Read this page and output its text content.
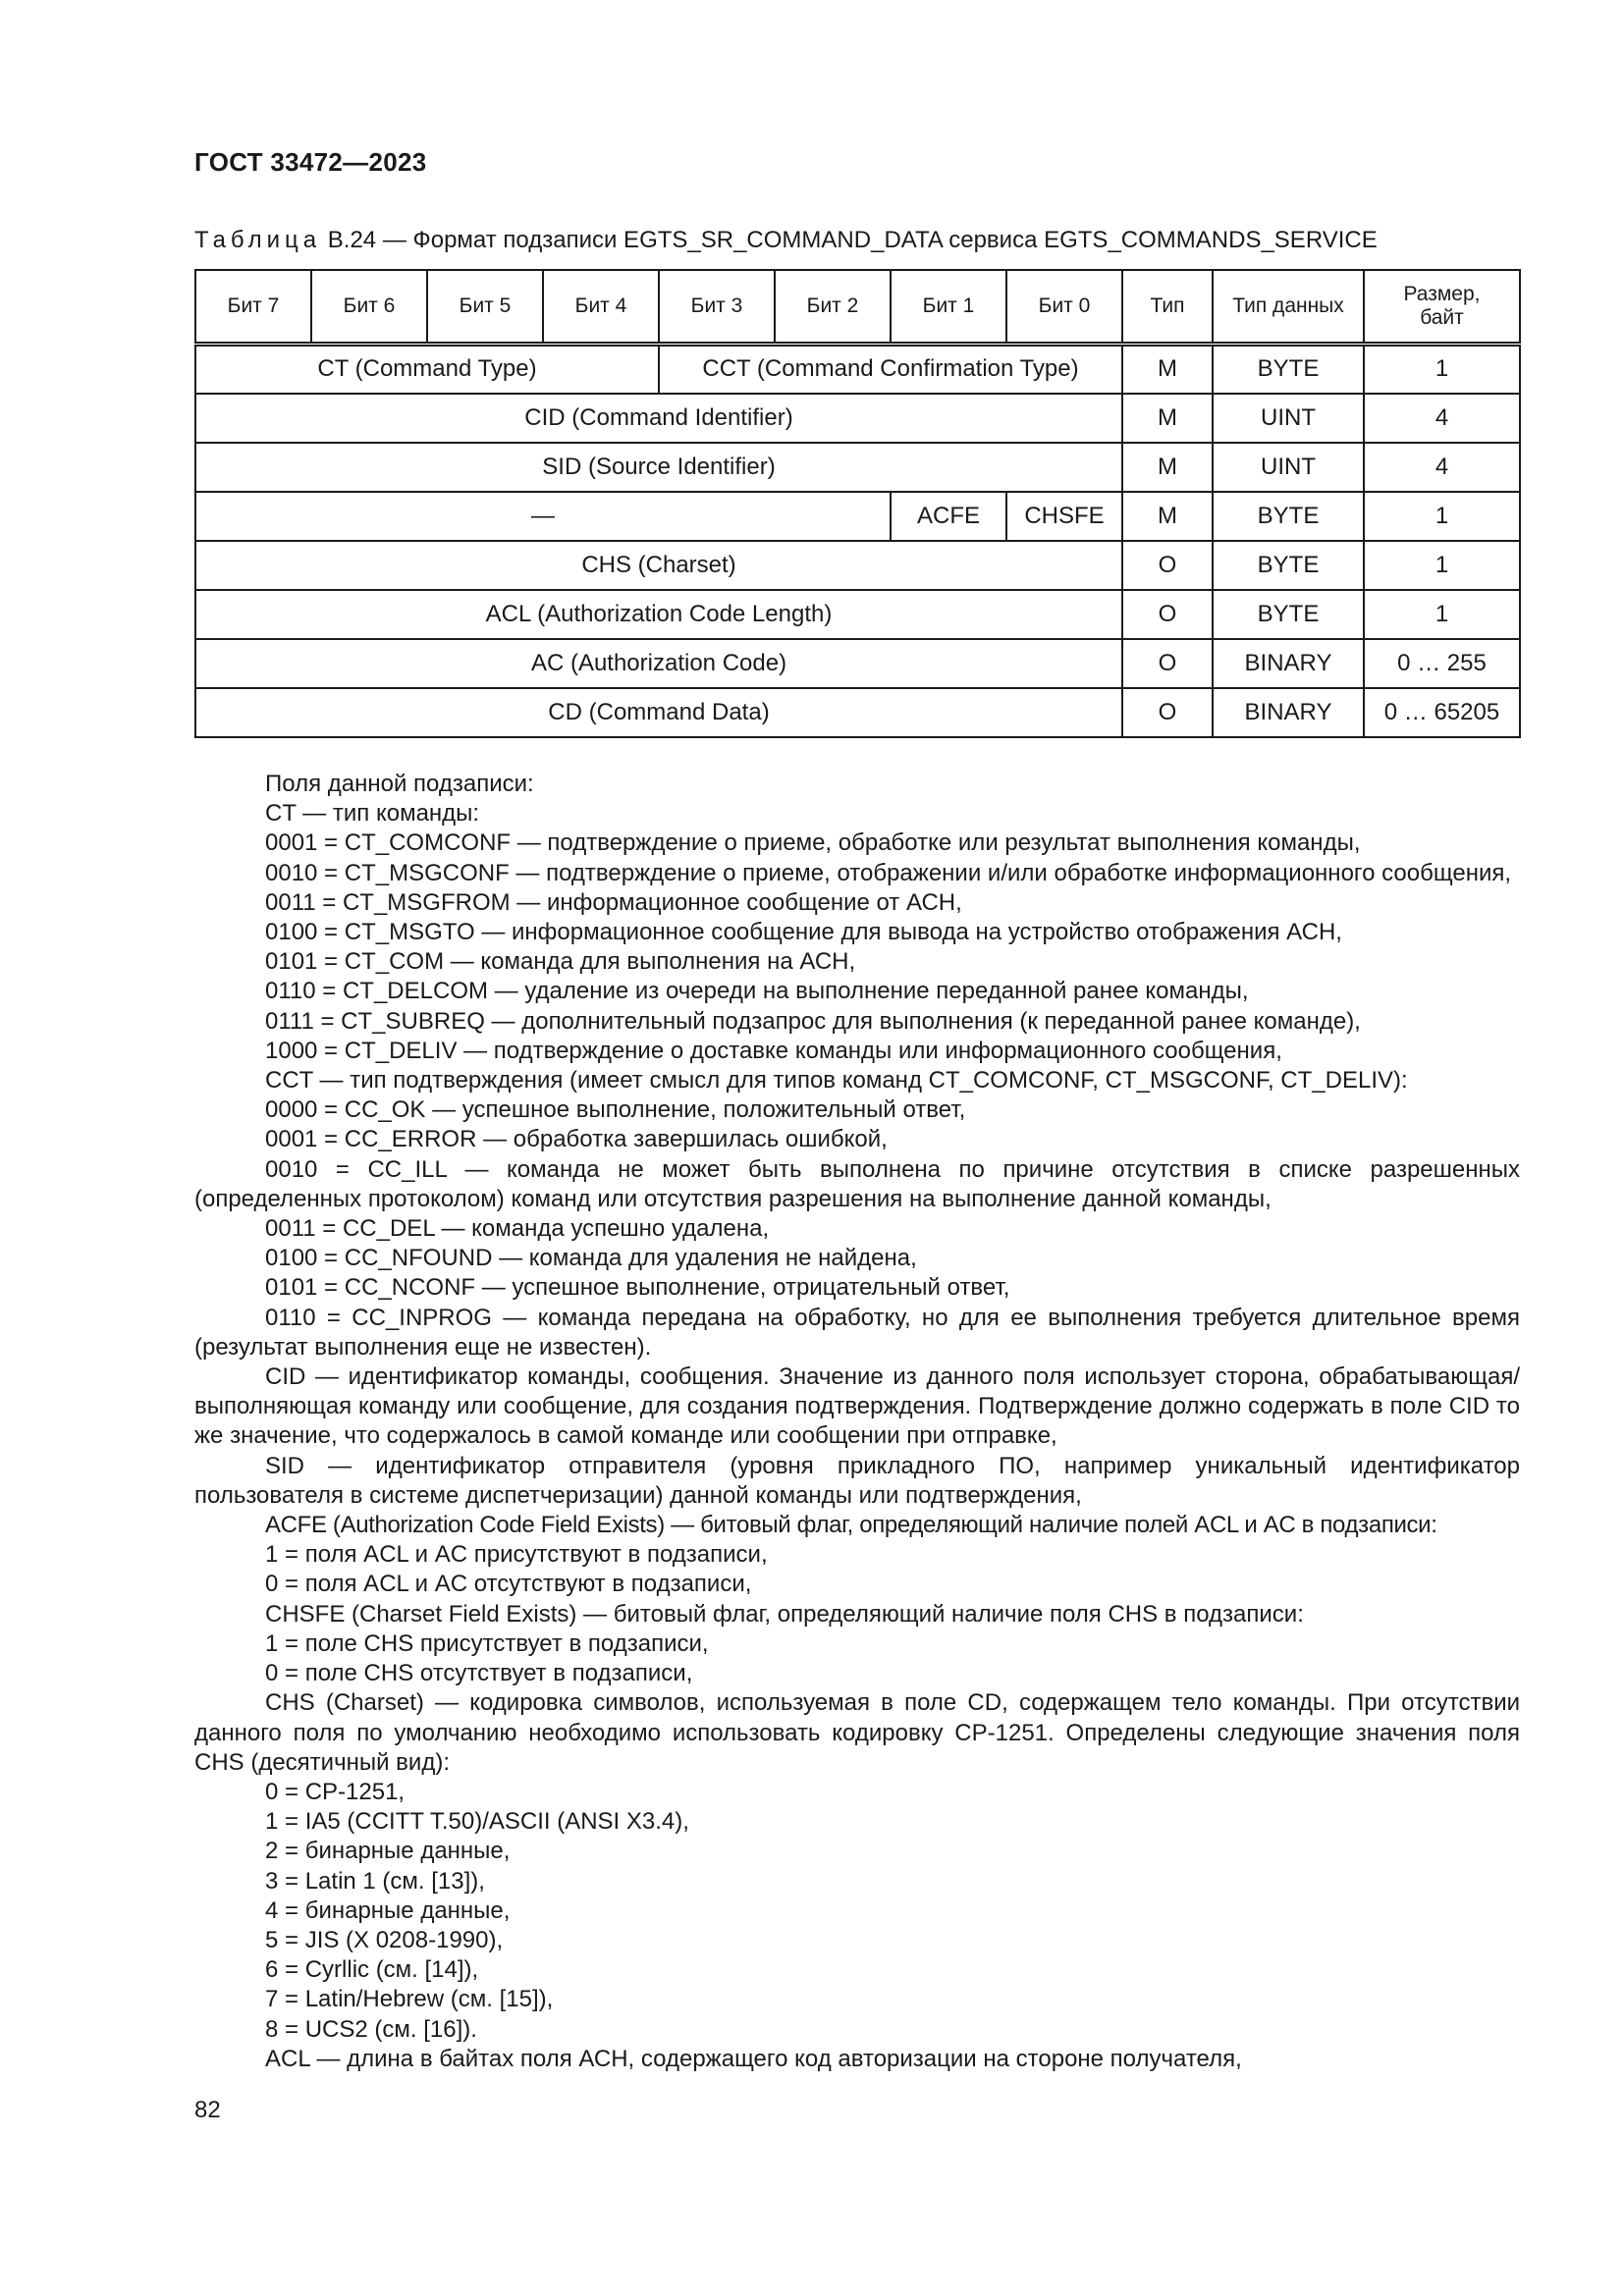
ГОСТ 33472—2023
Таблица В.24 — Формат подзаписи EGTS_SR_COMMAND_DATA сервиса EGTS_COMMANDS_SERVICE
Бит 7	Бит 6	Бит 5	Бит 4	Бит 3	Бит 2	Бит 1	Бит 0	Тип	Тип данных	Размер, байт
CT (Command Type)				CCT (Command Confirmation Type)				M	BYTE	1
CID (Command Identifier)								M	UINT	4
SID (Source Identifier)								M	UINT	4
—						ACFE	CHSFE	M	BYTE	1
CHS (Charset)								O	BYTE	1
ACL (Authorization Code Length)								O	BYTE	1
AC (Authorization Code)								O	BINARY	0 … 255
CD (Command Data)								O	BINARY	0 … 65205

Поля данной подзаписи:

CT — тип команды:

0001 = CT_COMCONF — подтверждение о приеме, обработке или результат выполнения команды,

0010 = CT_MSGCONF — подтверждение о приеме, отображении и/или обработке информационного сообщения,

0011 = CT_MSGFROM — информационное сообщение от АСН,

0100 = CT_MSGTO — информационное сообщение для вывода на устройство отображения АСН,

0101 = CT_COM — команда для выполнения на АСН,

0110 = CT_DELCOM — удаление из очереди на выполнение переданной ранее команды,

0111 = CT_SUBREQ — дополнительный подзапрос для выполнения (к переданной ранее команде),

1000 = CT_DELIV — подтверждение о доставке команды или информационного сообщения,

CCT — тип подтверждения (имеет смысл для типов команд CT_COMCONF, CT_MSGCONF, CT_DELIV):

0000 = CC_OK — успешное выполнение, положительный ответ,

0001 = CC_ERROR — обработка завершилась ошибкой,

0010 = CC_ILL — команда не может быть выполнена по причине отсутствия в списке разрешенных (определенных протоколом) команд или отсутствия разрешения на выполнение данной команды,

0011 = CC_DEL — команда успешно удалена,

0100 = CC_NFOUND — команда для удаления не найдена,

0101 = CC_NCONF — успешное выполнение, отрицательный ответ,

0110 = CC_INPROG — команда передана на обработку, но для ее выполнения требуется длительное время (результат выполнения еще не известен).

CID — идентификатор команды, сообщения. Значение из данного поля использует сторона, обрабатывающая/выполняющая команду или сообщение, для создания подтверждения. Подтверждение должно содержать в поле CID то же значение, что содержалось в самой команде или сообщении при отправке,

SID — идентификатор отправителя (уровня прикладного ПО, например уникальный идентификатор пользователя в системе диспетчеризации) данной команды или подтверждения,

ACFE (Authorization Code Field Exists) — битовый флаг, определяющий наличие полей ACL и AC в подзаписи:

1 = поля ACL и AC присутствуют в подзаписи,

0 = поля ACL и AC отсутствуют в подзаписи,

CHSFE (Charset Field Exists) — битовый флаг, определяющий наличие поля CHS в подзаписи:

1 = поле CHS присутствует в подзаписи,

0 = поле CHS отсутствует в подзаписи,

CHS (Charset) — кодировка символов, используемая в поле CD, содержащем тело команды. При отсутствии данного поля по умолчанию необходимо использовать кодировку CP-1251. Определены следующие значения поля CHS (десятичный вид):

0 = CP-1251,

1 = IA5 (CCITT T.50)/ASCII (ANSI X3.4),

2 = бинарные данные,

3 = Latin 1 (см. [13]),

4 = бинарные данные,

5 = JIS (X 0208-1990),

6 = Cyrllic (см. [14]),

7 = Latin/Hebrew (см. [15]),

8 = UCS2 (см. [16]).

ACL — длина в байтах поля АСН, содержащего код авторизации на стороне получателя,

82
